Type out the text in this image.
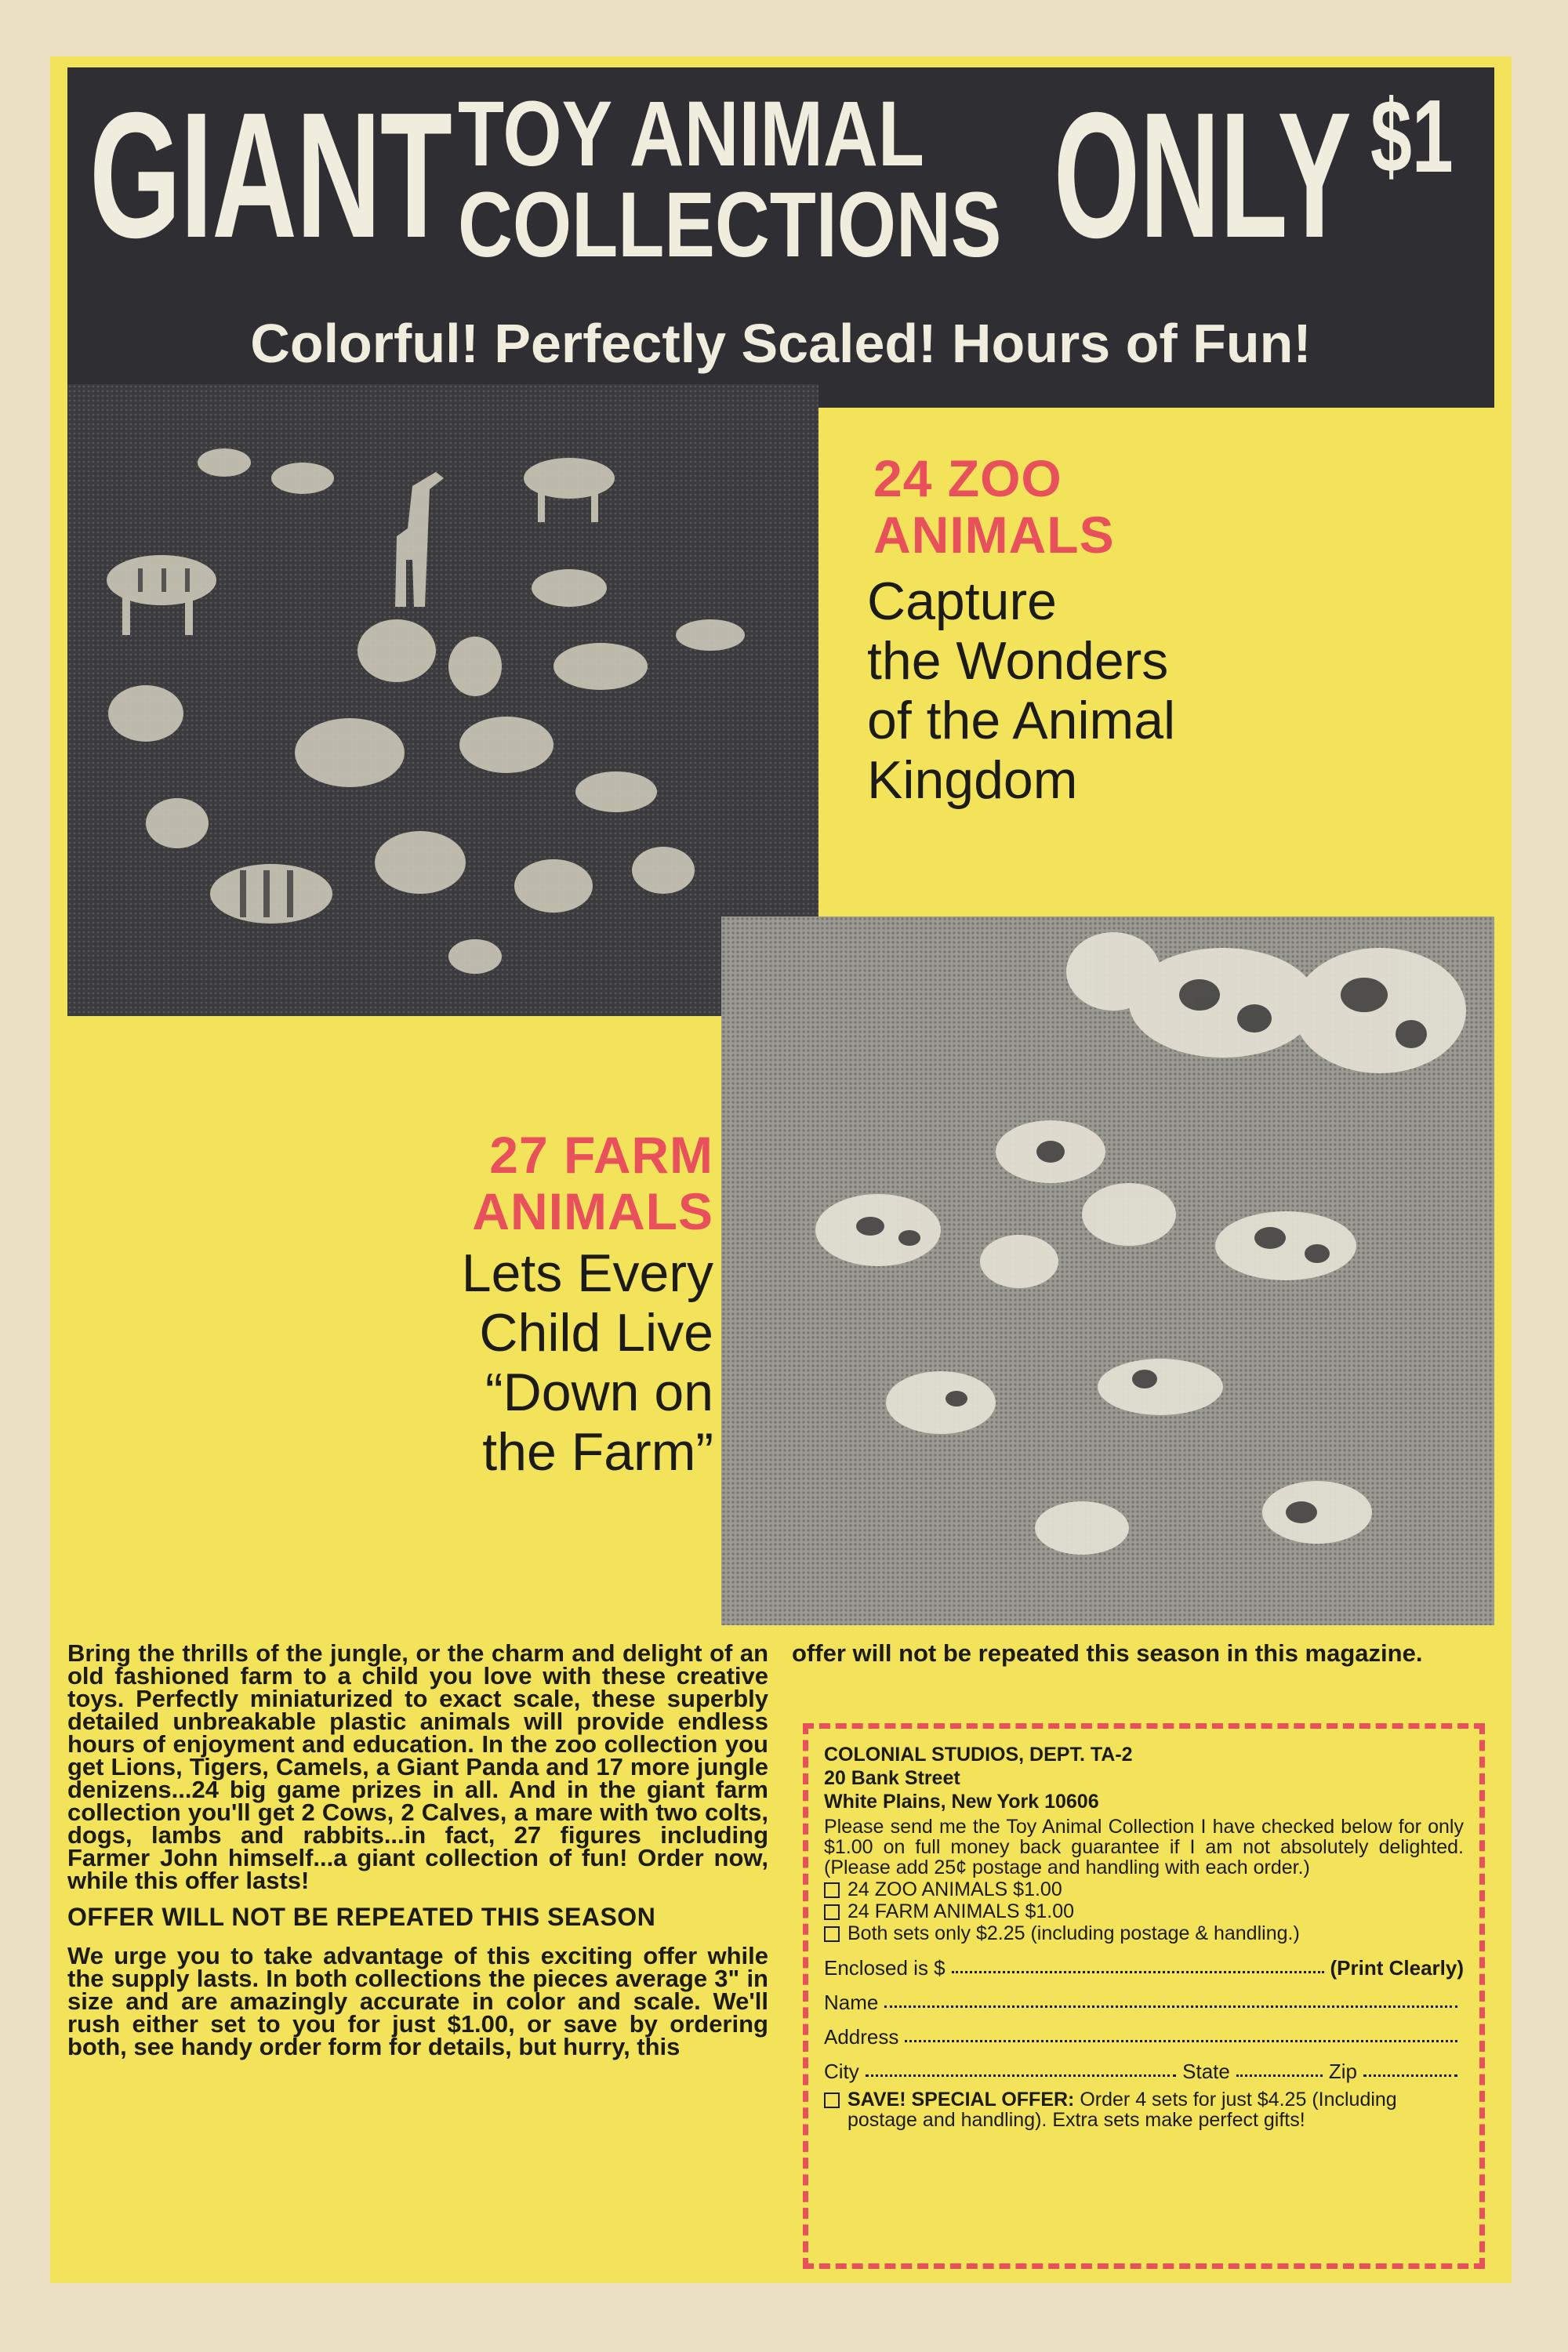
GIANT TOY ANIMAL
COLLECTIONS ONLY $1
Colorful! Perfectly Scaled! Hours of Fun!
24 ZOO
ANIMALS
Capture
the Wonders
of the Animal
Kingdom
27 FARM
ANIMALS
Lets Every
Child Live
“Down on
the Farm”

Bring the thrills of the jungle, or the charm and delight of an old fashioned farm to a child you love with these creative toys. Perfectly miniaturized to exact scale, these superbly detailed unbreakable plastic animals will provide endless hours of enjoyment and education. In the zoo collection you get Lions, Tigers, Camels, a Giant Panda and 17 more jungle denizens...24 big game prizes in all. And in the giant farm collection you'll get 2 Cows, 2 Calves, a mare with two colts, dogs, lambs and rabbits...in fact, 27 figures including Farmer John himself...a giant collection of fun! Order now, while this offer lasts!

OFFER WILL NOT BE REPEATED THIS SEASON

We urge you to take advantage of this exciting offer while the supply lasts. In both collections the pieces average 3" in size and are amazingly accurate in color and scale. We'll rush either set to you for just $1.00, or save by ordering both, see handy order form for details, but hurry, this

offer will not be repeated this season in this magazine.

COLONIAL STUDIOS, DEPT. TA-2
20 Bank Street
White Plains, New York 10606
Please send me the Toy Animal Collection I have checked below for only $1.00 on full money back guarantee if I am not absolutely delighted. (Please add 25¢ postage and handling with each order.)
24 ZOO ANIMALS $1.00
24 FARM ANIMALS $1.00
Both sets only $2.25 (including postage & handling.)
Enclosed is $	(Print Clearly)
Name
Address
City	State	Zip
SAVE! SPECIAL OFFER: Order 4 sets for just $4.25 (Including postage and handling). Extra sets make perfect gifts!
